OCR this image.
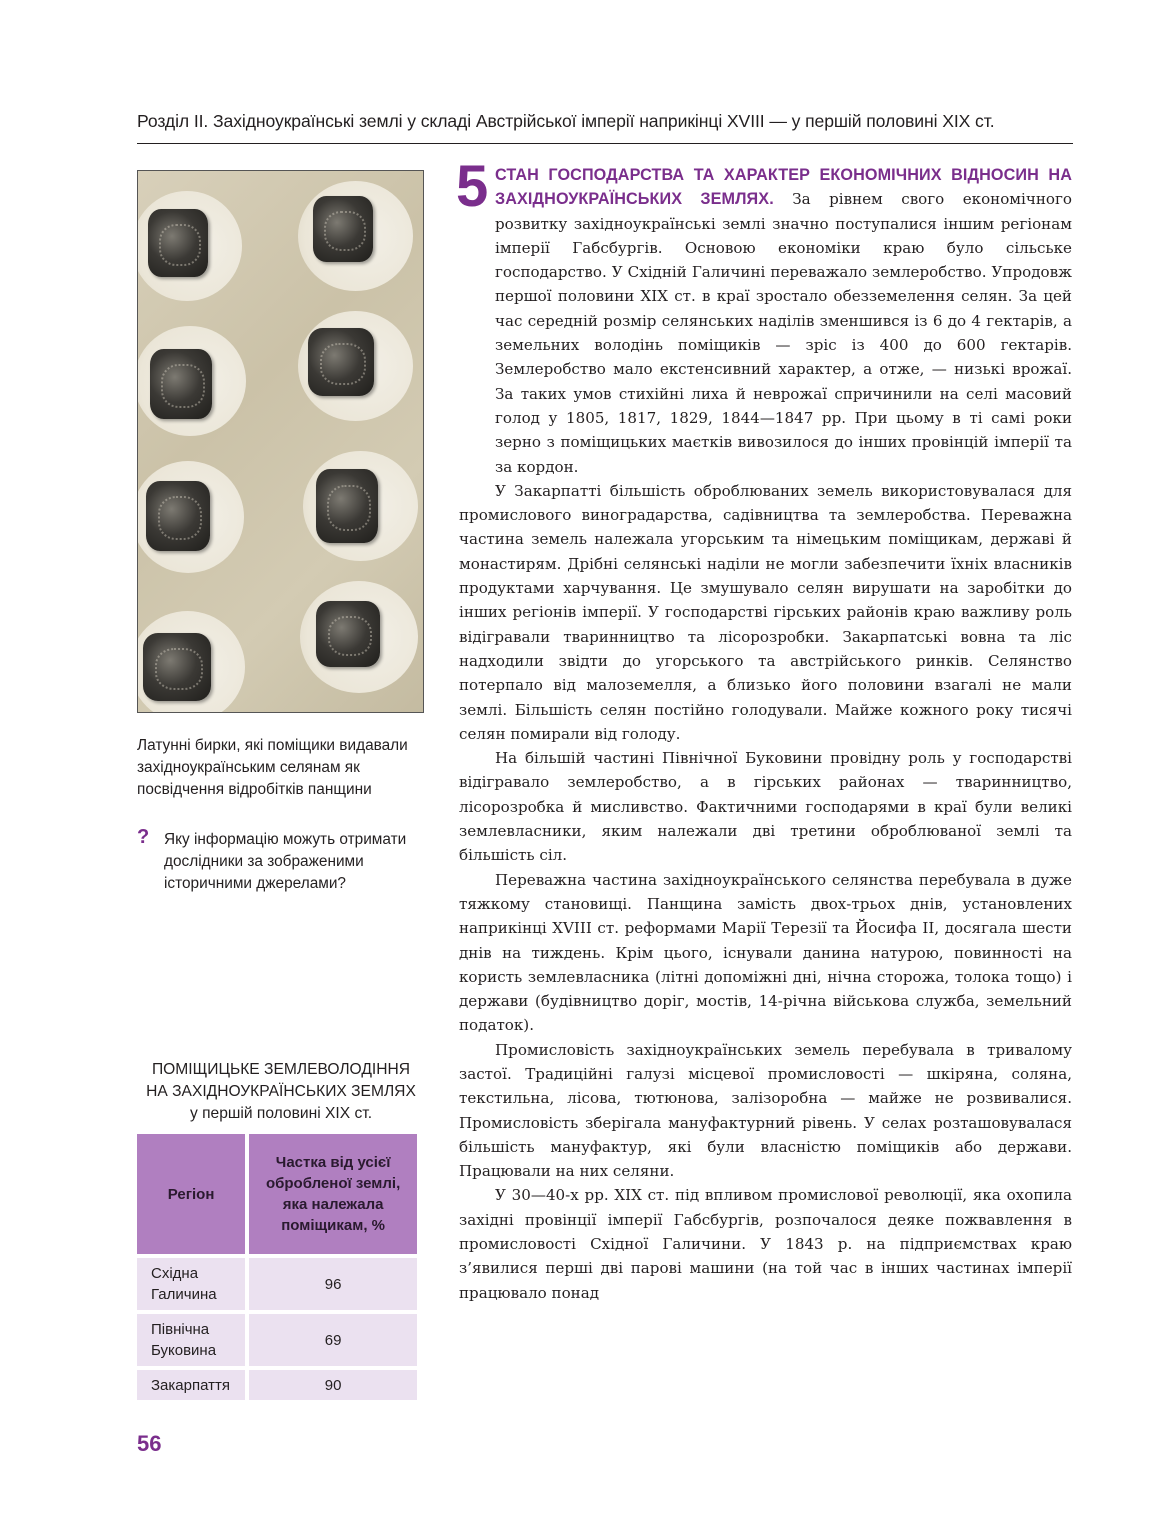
Розділ ІІ. Західноукраїнські землі у складі Австрійської імперії наприкінці XVIII — у першій половині XIX ст.
Латунні бирки, які поміщики видавали західноукраїнським селянам як посвідчення відробітків панщини
? Яку інформацію можуть отримати дослідники за зображеними історичними джерелами?
ПОМІЩИЦЬКЕ ЗЕМЛЕВОЛОДІННЯ
НА ЗАХІДНОУКРАЇНСЬКИХ ЗЕМЛЯХ
у першій половині XIX ст.
Регіон	Частка від усієї обробленої землі, яка належала поміщикам, %
Східна Галичина	96
Північна Буковина	69
Закарпаття	90
56
5 СТАН ГОСПОДАРСТВА ТА ХАРАКТЕР ЕКОНОМІЧНИХ ВІДНОСИН НА ЗАХІДНОУКРАЇНСЬКИХ ЗЕМЛЯХ. За рівнем свого економічного розвитку західноукраїнські землі значно поступалися іншим регіонам імперії Габсбургів. Основою економіки краю було сільське господарство. У Східній Галичині переважало землеробство. Упродовж першої половини XIX ст. в краї зростало обезземелення селян. За цей час середній розмір селянських наділів зменшився із 6 до 4 гектарів, а земельних володінь поміщиків — зріс із 400 до 600 гектарів. Землеробство мало екстенсивний характер, а отже, — низькі врожаї. За таких умов стихійні лиха й неврожаї спричинили на селі масовий голод у 1805, 1817, 1829, 1844—1847 рр. При цьому в ті самі роки зерно з поміщицьких маєтків вивозилося до інших провінцій імперії та за кордон.

У Закарпатті більшість оброблюваних земель використовувалася для промислового виноградарства, садівництва та землеробства. Переважна частина земель належала угорським та німецьким поміщикам, державі й монастирям. Дрібні селянські наділи не могли забезпечити їхніх власників продуктами харчування. Це змушувало селян вирушати на заробітки до інших регіонів імперії. У господарстві гірських районів краю важливу роль відігравали тваринництво та лісорозробки. Закарпатські вовна та ліс надходили звідти до угорського та австрійського ринків. Селянство потерпало від малоземелля, а близько його половини взагалі не мали землі. Більшість селян постійно голодували. Майже кожного року тисячі селян помирали від голоду.

На більшій частині Північної Буковини провідну роль у господарстві відігравало землеробство, а в гірських районах — тваринництво, лісорозробка й мисливство. Фактичними господарями в краї були великі землевласники, яким належали дві третини оброблюваної землі та більшість сіл.

Переважна частина західноукраїнського селянства перебувала в дуже тяжкому становищі. Панщина замість двох-трьох днів, установлених наприкінці XVIII ст. реформами Марії Терезії та Йосифа II, досягала шести днів на тиждень. Крім цього, існували данина натурою, повинності на користь землевласника (літні допоміжні дні, нічна сторожа, толока тощо) і держави (будівництво доріг, мостів, 14-річна військова служба, земельний податок).

Промисловість західноукраїнських земель перебувала в тривалому застої. Традиційні галузі місцевої промисловості — шкіряна, соляна, текстильна, лісова, тютюнова, залізоробна — майже не розвивалися. Промисловість зберігала мануфактурний рівень. У селах розташовувалася більшість мануфактур, які були власністю поміщиків або держави. Працювали на них селяни.

У 30—40-х рр. XIX ст. під впливом промислової революції, яка охопила західні провінції імперії Габсбургів, розпочалося деяке пожвавлення в промисловості Східної Галичини. У 1843 р. на підприємствах краю з’явилися перші дві парові машини (на той час в інших частинах імперії працювало понад
